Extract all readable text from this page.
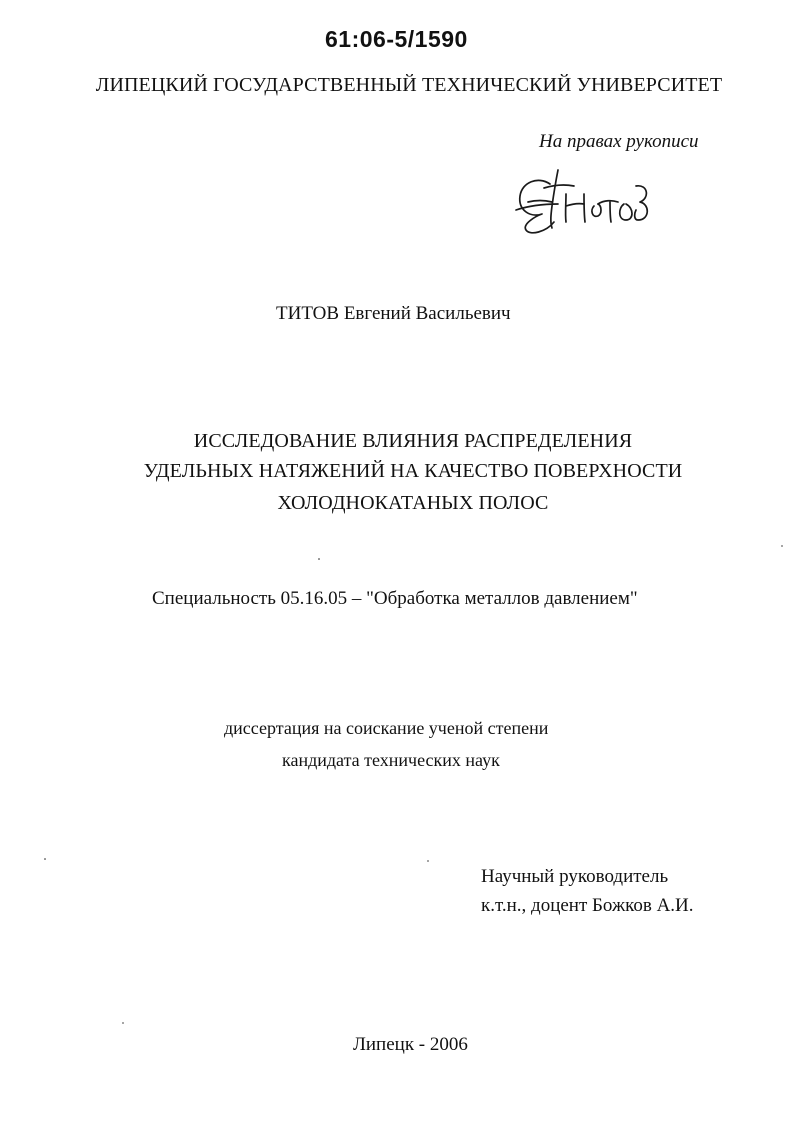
61:06-5/1590
ЛИПЕЦКИЙ ГОСУДАРСТВЕННЫЙ ТЕХНИЧЕСКИЙ УНИВЕРСИТЕТ
На правах рукописи
ТИТОВ Евгений Васильевич
ИССЛЕДОВАНИЕ ВЛИЯНИЯ РАСПРЕДЕЛЕНИЯ
УДЕЛЬНЫХ НАТЯЖЕНИЙ НА КАЧЕСТВО ПОВЕРХНОСТИ
ХОЛОДНОКАТАНЫХ ПОЛОС
Специальность 05.16.05 – "Обработка металлов давлением"
диссертация на соискание ученой степени
кандидата технических наук
Научный руководитель
к.т.н., доцент Божков А.И.
Липецк - 2006
